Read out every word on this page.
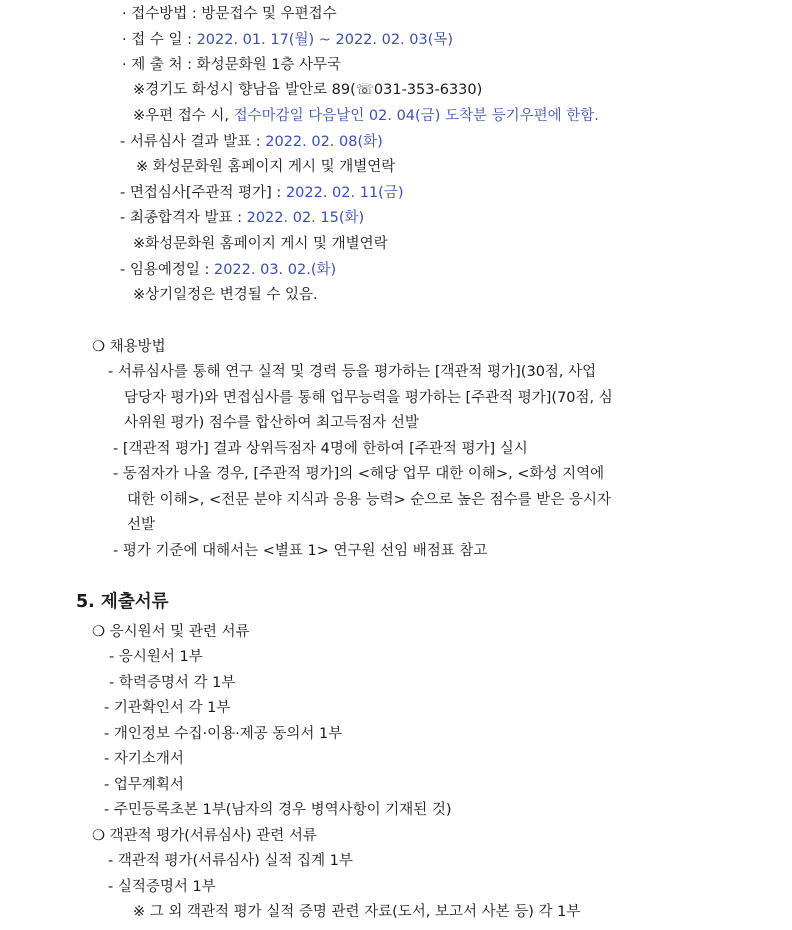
· 접수방법 : 방문접수 및 우편접수
· 접 수 일 : 2022. 01. 17(월) ~ 2022. 02. 03(목)
· 제 출 처 : 화성문화원 1층 사무국
※경기도 화성시 향남읍 발안로 89(☏031-353-6330)
※우편 접수 시, 접수마감일 다음날인 02. 04(금) 도착분 등기우편에 한함.
- 서류심사 결과 발표 : 2022. 02. 08(화)
※ 화성문화원 홈페이지 게시 및 개별연락
- 면접심사[주관적 평가] : 2022. 02. 11(금)
- 최종합격자 발표 : 2022. 02. 15(화)
※화성문화원 홈페이지 게시 및 개별연락
- 임용예정일 : 2022. 03. 02.(화)
※상기일정은 변경될 수 있음.
❍ 채용방법
- 서류심사를 통해 연구 실적 및 경력 등을 평가하는 [객관적 평가](30점, 사업
담당자 평가)와 면접심사를 통해 업무능력을 평가하는 [주관적 평가](70점, 심
사위원 평가) 점수를 합산하여 최고득점자 선발
- [객관적 평가] 결과 상위득점자 4명에 한하여 [주관적 평가] 실시
- 동점자가 나올 경우, [주관적 평가]의 <해당 업무 대한 이해>, <화성 지역에
대한 이해>, <전문 분야 지식과 응용 능력> 순으로 높은 점수를 받은 응시자
선발
- 평가 기준에 대해서는 <별표 1> 연구원 선임 배점표 참고
5. 제출서류
❍ 응시원서 및 관련 서류
- 응시원서 1부
- 학력증명서 각 1부
- 기관확인서 각 1부
- 개인정보 수집·이용·제공 동의서 1부
- 자기소개서
- 업무계획서
- 주민등록초본 1부(남자의 경우 병역사항이 기재된 것)
❍ 객관적 평가(서류심사) 관련 서류
- 객관적 평가(서류심사) 실적 집계 1부
- 실적증명서 1부
※ 그 외 객관적 평가 실적 증명 관련 자료(도서, 보고서 사본 등) 각 1부
